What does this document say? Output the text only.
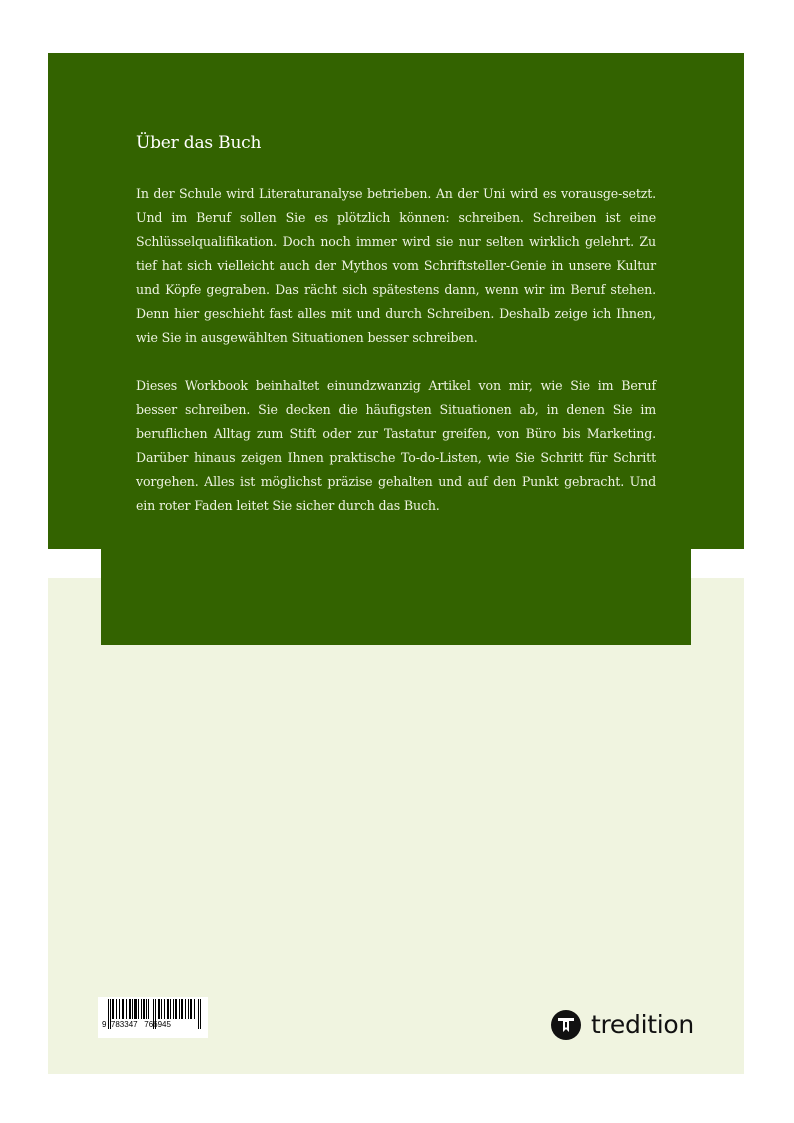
Über das Buch

In der Schule wird Literaturanalyse betrieben. An der Uni wird es vorausge-setzt. Und im Beruf sollen Sie es plötzlich können: schreiben. Schreiben ist eine Schlüsselqualifikation. Doch noch immer wird sie nur selten wirklich gelehrt. Zu tief hat sich vielleicht auch der Mythos vom Schriftsteller-Genie in unsere Kultur und Köpfe gegraben. Das rächt sich spätestens dann, wenn wir im Beruf stehen. Denn hier geschieht fast alles mit und durch Schreiben. Deshalb zeige ich Ihnen, wie Sie in ausgewählten Situationen besser schreiben.

Dieses Workbook beinhaltet einundzwanzig Artikel von mir, wie Sie im Beruf besser schreiben. Sie decken die häufigsten Situationen ab, in denen Sie im beruflichen Alltag zum Stift oder zur Tastatur greifen, von Büro bis Marketing. Darüber hinaus zeigen Ihnen praktische To-do-Listen, wie Sie Schritt für Schritt vorgehen. Alles ist möglichst präzise gehalten und auf den Punkt gebracht. Und ein roter Faden leitet Sie sicher durch das Buch.

9  783347   766945	tredition
